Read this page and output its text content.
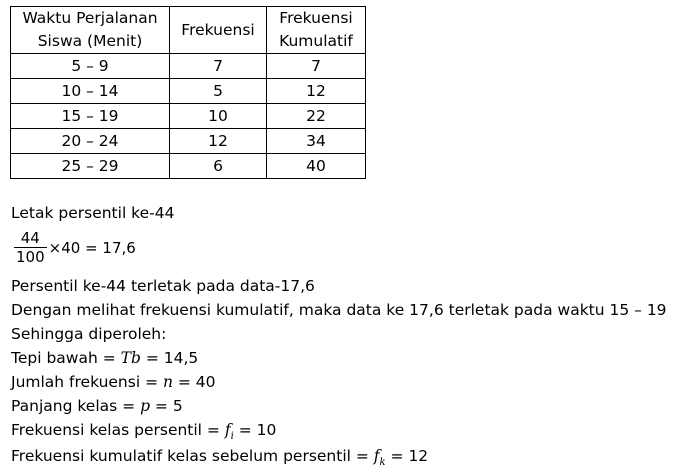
Waktu Perjalanan Siswa (Menit)	Frekuensi	Frekuensi Kumulatif
5 – 9	7	7
10 – 14	5	12
15 – 19	10	22
20 – 24	12	34
25 – 29	6	40
Letak persentil ke-44
$\frac{44}{100} \times 40 = 17,6$
Persentil ke-44 terletak pada data-17,6
Dengan melihat frekuensi kumulatif, maka data ke 17,6 terletak pada waktu 15 – 19
Sehingga diperoleh:
Tepi bawah = Tb = 14,5
Jumlah frekuensi = n = 40
Panjang kelas = p = 5
Frekuensi kelas persentil = $f_i = 10$
Frekuensi kumulatif kelas sebelum persentil = $f_k = 12$
